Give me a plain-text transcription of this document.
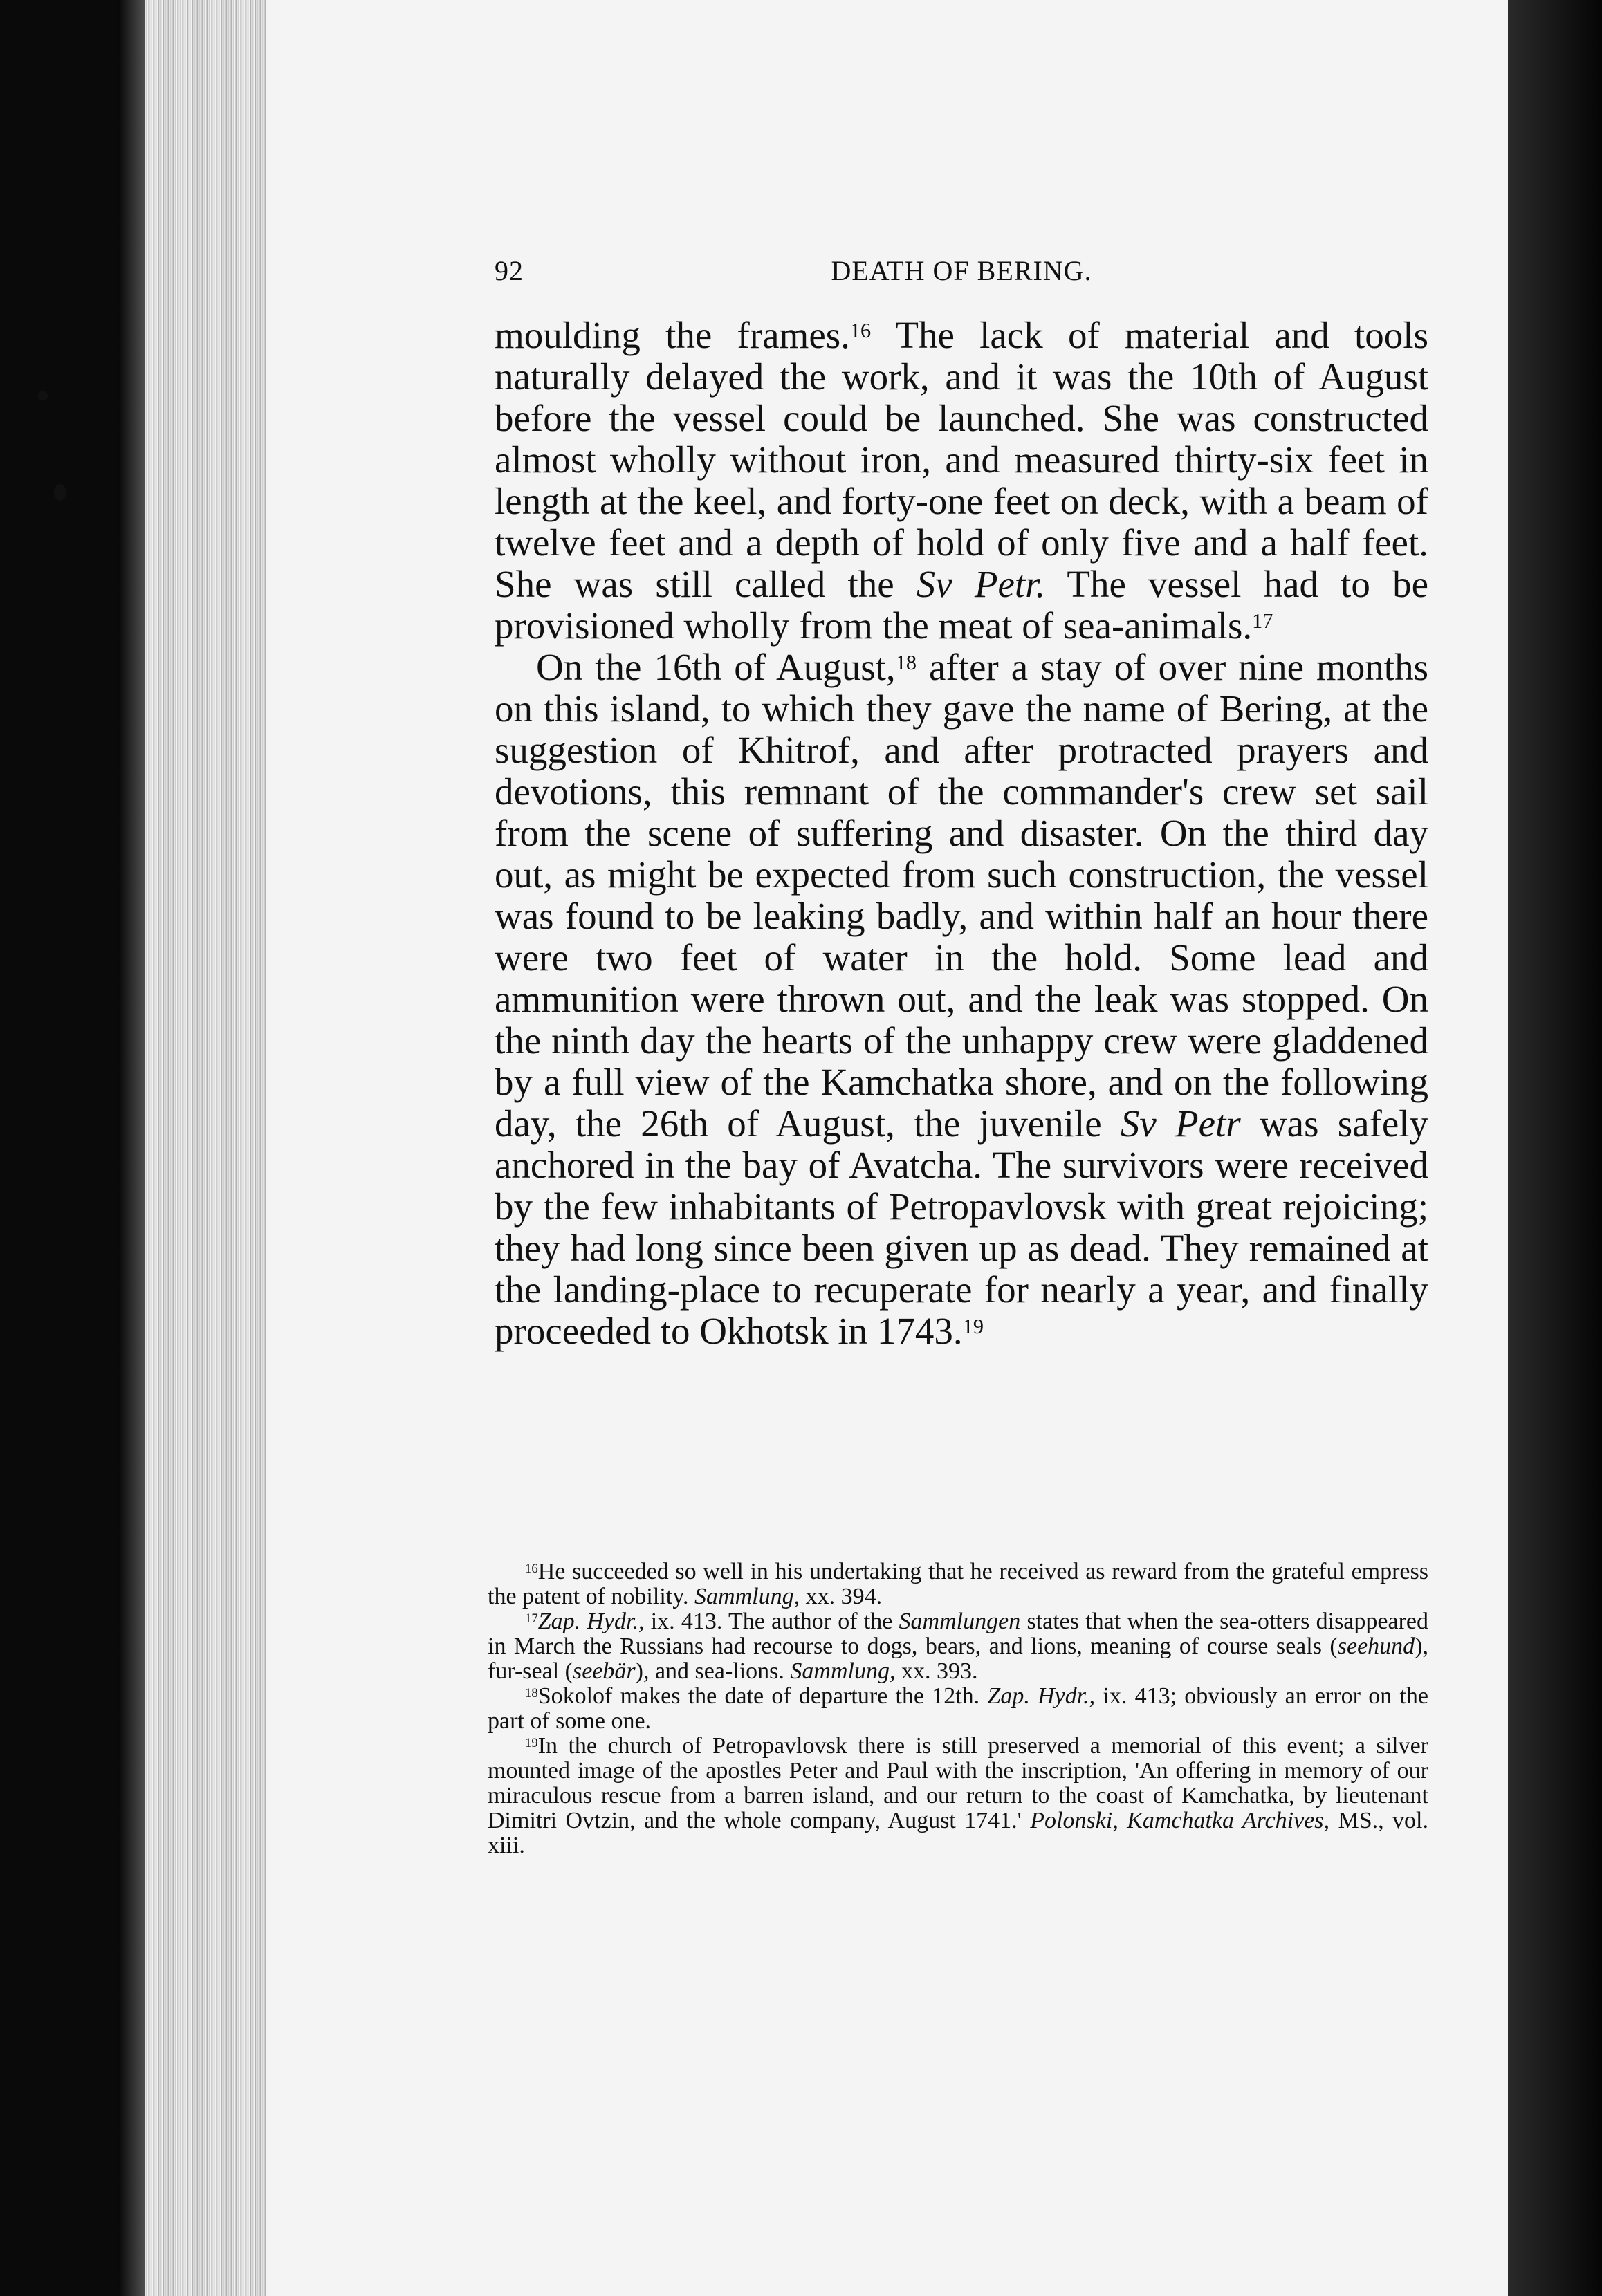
92	DEATH OF BERING.

moulding the frames.$^{16}$ The lack of material and tools naturally delayed the work, and it was the 10th of August before the vessel could be launched. She was constructed almost wholly without iron, and measured thirty-six feet in length at the keel, and forty-one feet on deck, with a beam of twelve feet and a depth of hold of only five and a half feet. She was still called the Sv Petr. The vessel had to be provisioned wholly from the meat of sea-animals.$^{17}$

On the 16th of August,$^{18}$ after a stay of over nine months on this island, to which they gave the name of Bering, at the suggestion of Khitrof, and after protracted prayers and devotions, this remnant of the commander's crew set sail from the scene of suffering and disaster. On the third day out, as might be expected from such construction, the vessel was found to be leaking badly, and within half an hour there were two feet of water in the hold. Some lead and ammunition were thrown out, and the leak was stopped. On the ninth day the hearts of the unhappy crew were gladdened by a full view of the Kamchatka shore, and on the following day, the 26th of August, the juvenile Sv Petr was safely anchored in the bay of Avatcha. The survivors were received by the few inhabitants of Petropavlovsk with great rejoicing; they had long since been given up as dead. They remained at the landing-place to recuperate for nearly a year, and finally proceeded to Okhotsk in 1743.19

$^{16}$He succeeded so well in his undertaking that he received as reward from the grateful empress the patent of nobility. Sammlung, xx. 394.

$^{17}$Zap. Hydr., ix. 413. The author of the Sammlungen states that when the sea-otters disappeared in March the Russians had recourse to dogs, bears, and lions, meaning of course seals (seehund), fur-seal (seebär), and sea-lions. Sammlung, xx. 393.

$^{18}$Sokolof makes the date of departure the 12th. Zap. Hydr., ix. 413; obviously an error on the part of some one.

$^{19}$In the church of Petropavlovsk there is still preserved a memorial of this event; a silver mounted image of the apostles Peter and Paul with the inscription, 'An offering in memory of our miraculous rescue from a barren island, and our return to the coast of Kamchatka, by lieutenant Dimitri Ovtzin, and the whole company, August 1741.' Polonski, Kamchatka Archives, MS., vol. xiii.
